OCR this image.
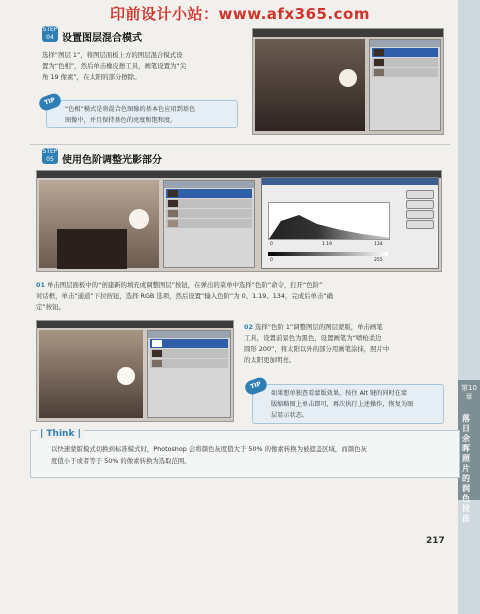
印前设计小站：www.afx365.com
第10章
落日余晖照片的润色技法
STEP
04 设置图层混合模式
选择“图层 1”，将图层面板上方的图层混合模式设
置为“色相”，然后单击橡皮擦工具，画笔设置为“尖
角 19 像素”，在太阳的部分擦除。
TIP
“色相”模式是将混合色图像的基本色应用到基色
图像中，并且保持基色的亮度和饱和度。
STEP
05 使用色阶调整光影部分
0	1.19	134
0	255
01 单击图层面板中的“创建新的填充或调整图层”按钮，在弹出的菜单中选择“色阶”命令，打开“色阶”
对话框，单击“通道”下拉按钮，选择 RGB 选项，然后设置“输入色阶”为 0、1.19、134，完成后单击“确
定”按钮。
02 选择“色阶 1”调整图层的图层蒙版，单击画笔
工具，设置前景色为黑色，设置画笔为“喷枪柔边
圆形 200”，将太阳以外的部分用画笔涂抹，照片中
的太阳更加明亮。
TIP
如果想单独查看蒙版效果，按住 Alt 键的同时在蒙
版缩略图上单击即可，再次执行上述操作，恢复为图
层显示状态。
| Think |
以快速蒙版模式切换到标准模式时，Photoshop 会将颜色灰度值大于 50% 的像素转换为被遮盖区域，而颜色灰
度值小于或者等于 50% 的像素转换为选取范围。
217
